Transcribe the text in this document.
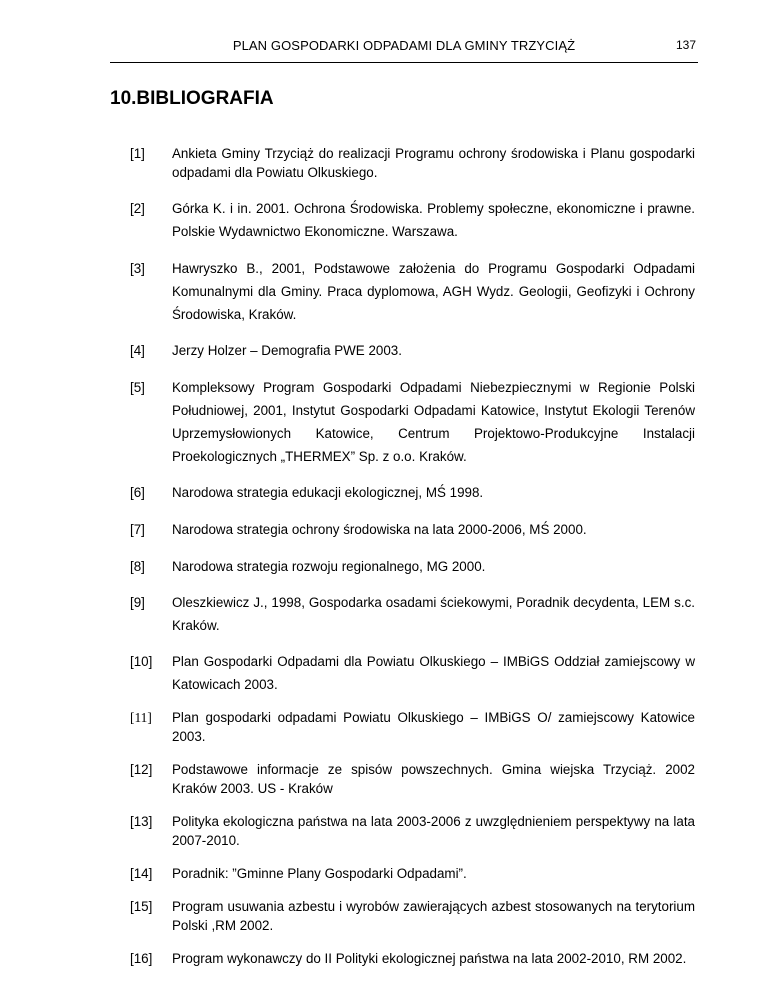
PLAN GOSPODARKI ODPADAMI DLA GMINY TRZYCIĄŻ	137
10.BIBLIOGRAFIA
[1] Ankieta Gminy Trzyciąż do realizacji Programu ochrony środowiska i Planu gospodarki odpadami dla Powiatu Olkuskiego.
[2] Górka K. i in. 2001. Ochrona Środowiska. Problemy społeczne, ekonomiczne i prawne. Polskie Wydawnictwo Ekonomiczne. Warszawa.
[3] Hawryszko B., 2001, Podstawowe założenia do Programu Gospodarki Odpadami Komunalnymi dla Gminy. Praca dyplomowa, AGH Wydz. Geologii, Geofizyki i Ochrony Środowiska, Kraków.
[4] Jerzy Holzer – Demografia PWE 2003.
[5] Kompleksowy Program Gospodarki Odpadami Niebezpiecznymi w Regionie Polski Południowej, 2001, Instytut Gospodarki Odpadami Katowice, Instytut Ekologii Terenów Uprzemysłowionych Katowice, Centrum Projektowo-Produkcyjne Instalacji Proekologicznych „THERMEX” Sp. z o.o. Kraków.
[6] Narodowa strategia edukacji ekologicznej, MŚ 1998.
[7] Narodowa strategia ochrony środowiska na lata 2000-2006, MŚ 2000.
[8] Narodowa strategia rozwoju regionalnego, MG 2000.
[9] Oleszkiewicz J., 1998, Gospodarka osadami ściekowymi, Poradnik decydenta, LEM s.c. Kraków.
[10] Plan Gospodarki Odpadami dla Powiatu Olkuskiego – IMBiGS Oddział zamiejscowy w Katowicach 2003.
[11] Plan gospodarki odpadami Powiatu Olkuskiego – IMBiGS O/ zamiejscowy Katowice 2003.
[12] Podstawowe informacje ze spisów powszechnych. Gmina wiejska Trzyciąż. 2002 Kraków 2003. US - Kraków
[13] Polityka ekologiczna państwa na lata 2003-2006 z uwzględnieniem perspektywy na lata 2007-2010.
[14] Poradnik: ”Gminne Plany Gospodarki Odpadami”.
[15] Program usuwania azbestu i wyrobów zawierających azbest stosowanych na terytorium Polski ,RM 2002.
[16] Program wykonawczy do II Polityki ekologicznej państwa na lata 2002-2010, RM 2002.
